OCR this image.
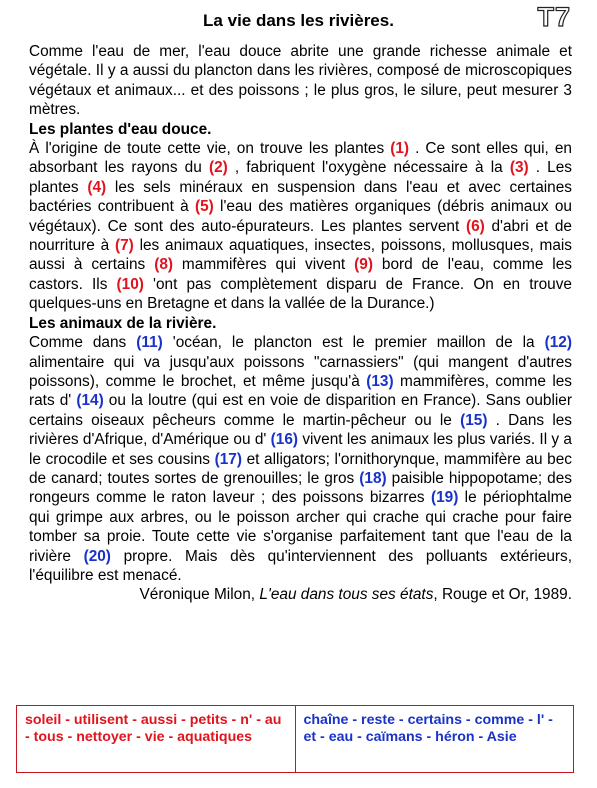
La vie dans les rivières.	T7

Comme l'eau de mer, l'eau douce abrite une grande richesse animale et végétale. Il y a aussi du plancton dans les rivières, composé de microscopiques végétaux et animaux... et des poissons ; le plus gros, le silure, peut mesurer 3 mètres.

Les plantes d'eau douce.

À l'origine de toute cette vie, on trouve les plantes (1) . Ce sont elles qui, en absorbant les rayons du (2) , fabriquent l'oxygène nécessaire à la (3) . Les plantes (4) les sels minéraux en suspension dans l'eau et avec certaines bactéries contribuent à (5) l'eau des matières organiques (débris animaux ou végétaux). Ce sont des auto-épurateurs. Les plantes servent (6) d'abri et de nourriture à (7) les animaux aquatiques, insectes, poissons, mollusques, mais aussi à certains (8) mammifères qui vivent (9) bord de l'eau, comme les castors. Ils (10) 'ont pas complètement disparu de France. On en trouve quelques-uns en Bretagne et dans la vallée de la Durance.)

Les animaux de la rivière.

Comme dans (11) 'océan, le plancton est le premier maillon de la (12) alimentaire qui va jusqu'aux poissons "carnassiers" (qui mangent d'autres poissons), comme le brochet, et même jusqu'à (13) mammifères, comme les rats d' (14) ou la loutre (qui est en voie de disparition en France). Sans oublier certains oiseaux pêcheurs comme le martin-pêcheur ou le (15) . Dans les rivières d'Afrique, d'Amérique ou d' (16) vivent les animaux les plus variés. Il y a le crocodile et ses cousins (17) et alligators; l'ornithorynque, mammifère au bec de canard; toutes sortes de grenouilles; le gros (18) paisible hippopotame; des rongeurs comme le raton laveur ; des poissons bizarres (19) le périophtalme qui grimpe aux arbres, ou le poisson archer qui crache qui crache pour faire tomber sa proie. Toute cette vie s'organise parfaitement tant que l'eau de la rivière (20) propre. Mais dès qu'interviennent des polluants extérieurs, l'équilibre est menacé.

Véronique Milon, L'eau dans tous ses états, Rouge et Or, 1989.

soleil - utilisent - aussi - petits - n' - au - tous - nettoyer - vie - aquatiques
chaîne - reste - certains - comme - l' - et - eau - caïmans - héron - Asie
